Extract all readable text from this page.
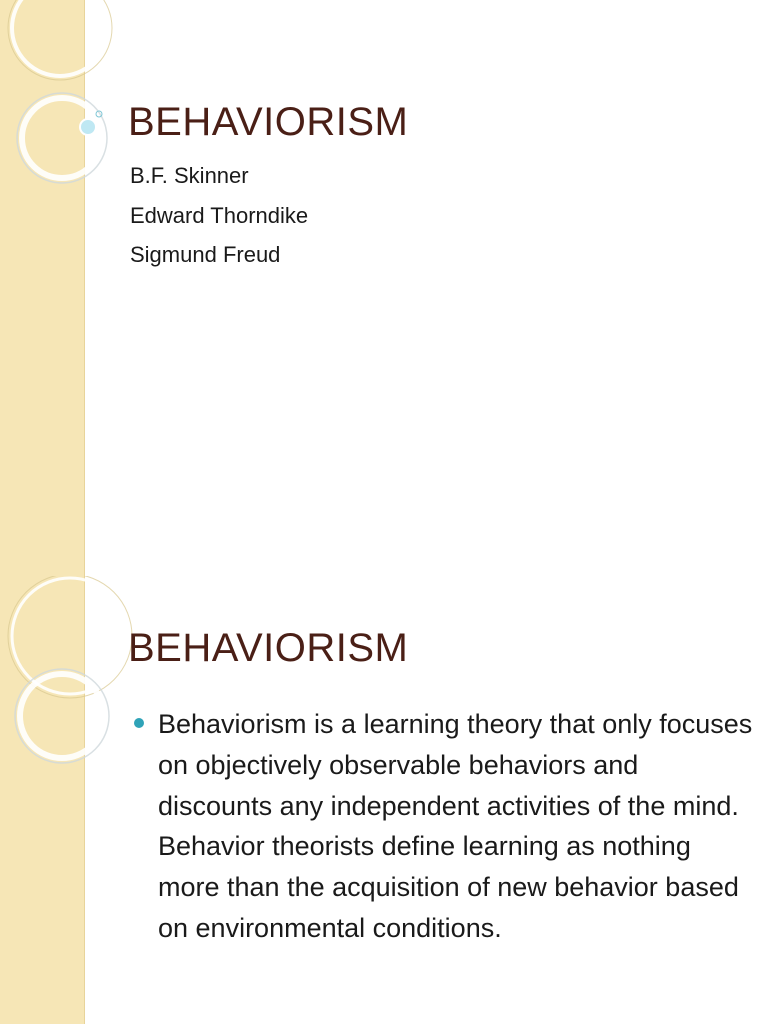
BEHAVIORISM
B.F. Skinner
Edward Thorndike
Sigmund Freud
BEHAVIORISM
Behaviorism is a learning theory that only focuses on objectively observable behaviors and discounts any independent activities of the mind. Behavior theorists define learning as nothing more than the acquisition of new behavior based on environmental conditions.
